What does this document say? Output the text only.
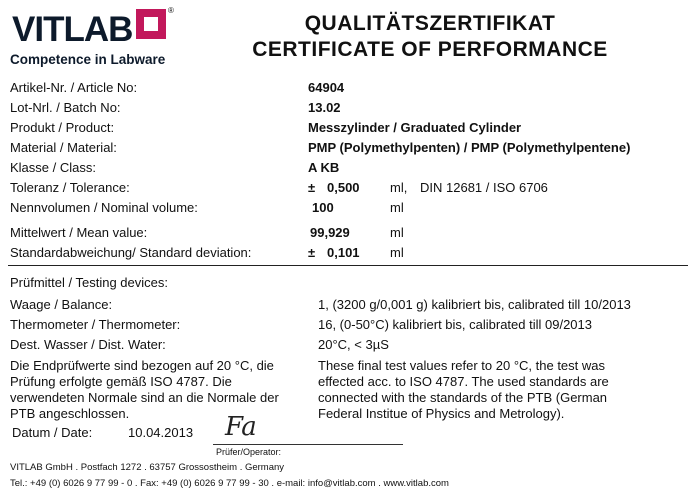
VITLAB	®
Competence in Labware
QUALITÄTSZERTIFIKAT
CERTIFICATE OF PERFORMANCE
Artikel-Nr. / Article No:	64904
Lot-Nrl. / Batch No:	13.02
Produkt / Product:	Messzylinder / Graduated Cylinder
Material / Material:	PMP (Polymethylpenten) / PMP (Polymethylpentene)
Klasse / Class:	A KB
Toleranz / Tolerance:	± 0,500 ml, DIN 12681 / ISO 6706
Nennvolumen / Nominal volume:	100	ml
Mittelwert / Mean value:	99,929	ml
Standardabweichung/ Standard deviation:	± 0,101 ml
Prüfmittel / Testing devices:
Waage / Balance:	1, (3200 g/0,001 g) kalibriert bis, calibrated till 10/2013
Thermometer / Thermometer:	16, (0-50°C) kalibriert bis, calibrated till 09/2013
Dest. Wasser / Dist. Water:	20°C, < 3µS
Die Endprüfwerte sind bezogen auf 20 °C, die Prüfung erfolgte gemäß ISO 4787. Die verwendeten Normale sind an die Normale der PTB angeschlossen.
These final test values refer to 20 °C, the test was effected acc. to ISO 4787. The used standards are connected with the standards of the PTB (German Federal Institue of Physics and Metrology).
Datum / Date:	10.04.2013 Fa
Prüfer/Operator:
VITLAB GmbH . Postfach 1272 . 63757 Grossostheim . Germany
Tel.: +49 (0) 6026 9 77 99 - 0 . Fax: +49 (0) 6026 9 77 99 - 30 . e-mail: info@vitlab.com . www.vitlab.com
